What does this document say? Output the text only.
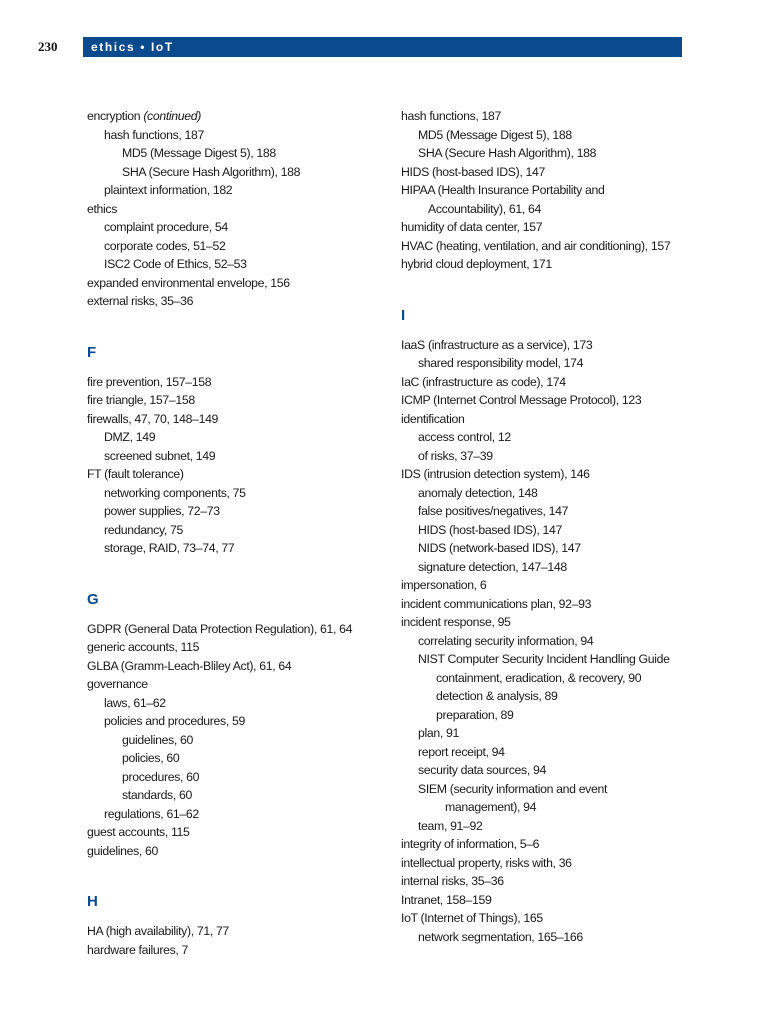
230	ethics • IoT
encryption (continued)
hash functions, 187
MD5 (Message Digest 5), 188
SHA (Secure Hash Algorithm), 188
plaintext information, 182
ethics
complaint procedure, 54
corporate codes, 51–52
ISC2 Code of Ethics, 52–53
expanded environmental envelope, 156
external risks, 35–36
F
fire prevention, 157–158
fire triangle, 157–158
firewalls, 47, 70, 148–149
DMZ, 149
screened subnet, 149
FT (fault tolerance)
networking components, 75
power supplies, 72–73
redundancy, 75
storage, RAID, 73–74, 77
G
GDPR (General Data Protection Regulation), 61, 64
generic accounts, 115
GLBA (Gramm-Leach-Bliley Act), 61, 64
governance
laws, 61–62
policies and procedures, 59
guidelines, 60
policies, 60
procedures, 60
standards, 60
regulations, 61–62
guest accounts, 115
guidelines, 60
H
HA (high availability), 71, 77
hardware failures, 7
hash functions, 187
MD5 (Message Digest 5), 188
SHA (Secure Hash Algorithm), 188
HIDS (host-based IDS), 147
HIPAA (Health Insurance Portability and Accountability), 61, 64
humidity of data center, 157
HVAC (heating, ventilation, and air conditioning), 157
hybrid cloud deployment, 171
I
IaaS (infrastructure as a service), 173
shared responsibility model, 174
IaC (infrastructure as code), 174
ICMP (Internet Control Message Protocol), 123
identification
access control, 12
of risks, 37–39
IDS (intrusion detection system), 146
anomaly detection, 148
false positives/negatives, 147
HIDS (host-based IDS), 147
NIDS (network-based IDS), 147
signature detection, 147–148
impersonation, 6
incident communications plan, 92–93
incident response, 95
correlating security information, 94
NIST Computer Security Incident Handling Guide
containment, eradication, & recovery, 90
detection & analysis, 89
preparation, 89
plan, 91
report receipt, 94
security data sources, 94
SIEM (security information and event management), 94
team, 91–92
integrity of information, 5–6
intellectual property, risks with, 36
internal risks, 35–36
Intranet, 158–159
IoT (Internet of Things), 165
network segmentation, 165–166
